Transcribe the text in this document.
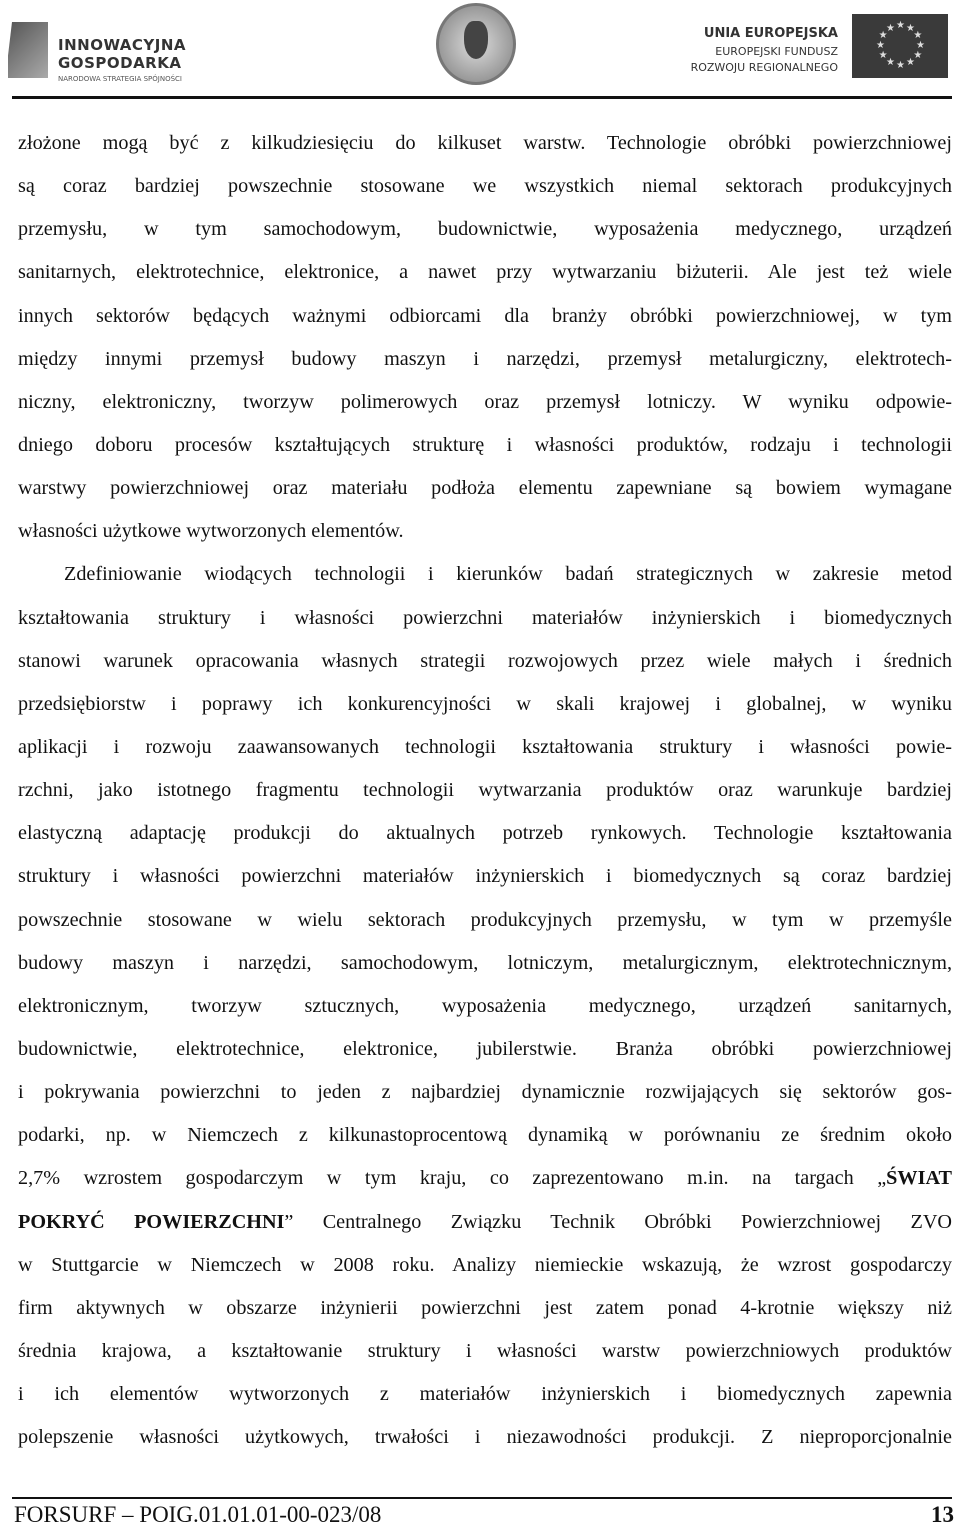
INNOWACYJNA
GOSPODARKA
NARODOWA STRATEGIA SPÓJNOŚCI
UNIA EUROPEJSKA
EUROPEJSKI FUNDUSZ
ROZWOJU REGIONALNEGO
★
★
★
★
★
★
★
★
★ ★ ★
★
złożone mogą być z kilkudziesięciu do kilkuset warstw. Technologie obróbki powierzchniowej
są coraz bardziej powszechnie stosowane we wszystkich niemal sektorach produkcyjnych
przemysłu, w tym samochodowym, budownictwie, wyposażenia medycznego, urządzeń
sanitarnych, elektrotechnice, elektronice, a nawet przy wytwarzaniu biżuterii. Ale jest też wiele
innych sektorów będących ważnymi odbiorcami dla branży obróbki powierzchniowej, w tym
między innymi przemysł budowy maszyn i narzędzi, przemysł metalurgiczny, elektrotech-
niczny, elektroniczny, tworzyw polimerowych oraz przemysł lotniczy. W wyniku odpowie-
dniego doboru procesów kształtujących strukturę i własności produktów, rodzaju i technologii
warstwy powierzchniowej oraz materiału podłoża elementu zapewniane są bowiem wymagane
własności użytkowe wytworzonych elementów.
Zdefiniowanie wiodących technologii i kierunków badań strategicznych w zakresie metod
kształtowania struktury i własności powierzchni materiałów inżynierskich i biomedycznych
stanowi warunek opracowania własnych strategii rozwojowych przez wiele małych i średnich
przedsiębiorstw i poprawy ich konkurencyjności w skali krajowej i globalnej, w wyniku
aplikacji i rozwoju zaawansowanych technologii kształtowania struktury i własności powie-
rzchni, jako istotnego fragmentu technologii wytwarzania produktów oraz warunkuje bardziej
elastyczną adaptację produkcji do aktualnych potrzeb rynkowych. Technologie kształtowania
struktury i własności powierzchni materiałów inżynierskich i biomedycznych są coraz bardziej
powszechnie stosowane w wielu sektorach produkcyjnych przemysłu, w tym w przemyśle
budowy maszyn i narzędzi, samochodowym, lotniczym, metalurgicznym, elektrotechnicznym,
elektronicznym, tworzyw sztucznych, wyposażenia medycznego, urządzeń sanitarnych,
budownictwie, elektrotechnice, elektronice, jubilerstwie. Branża obróbki powierzchniowej
i pokrywania powierzchni to jeden z najbardziej dynamicznie rozwijających się sektorów gos-
podarki, np. w Niemczech z kilkunastoprocentową dynamiką w porównaniu ze średnim około
2,7% wzrostem gospodarczym w tym kraju, co zaprezentowano m.in. na targach „ŚWIAT
POKRYĆ POWIERZCHNI” Centralnego Związku Technik Obróbki Powierzchniowej ZVO
w Stuttgarcie w Niemczech w 2008 roku. Analizy niemieckie wskazują, że wzrost gospodarczy
firm aktywnych w obszarze inżynierii powierzchni jest zatem ponad 4-krotnie większy niż
średnia krajowa, a kształtowanie struktury i własności warstw powierzchniowych produktów
i ich elementów wytworzonych z materiałów inżynierskich i biomedycznych zapewnia
polepszenie własności użytkowych, trwałości i niezawodności produkcji. Z nieproporcjonalnie
FORSURF – POIG.01.01.01-00-023/08	13
